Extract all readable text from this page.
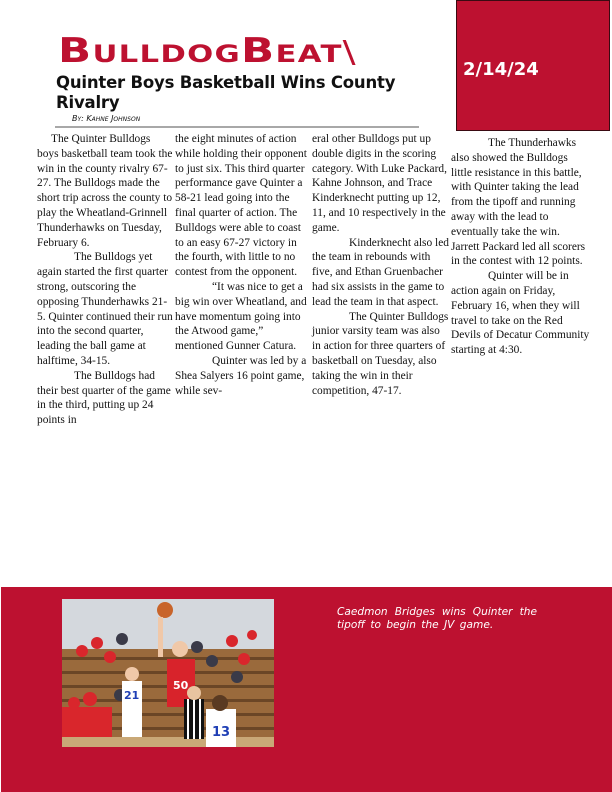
BulldogBeat\
Quinter Boys Basketball Wins County Rivalry
By: Kahne Johnson
2/14/24

The Quinter Bulldogs boys basketball team took the win in the county rivalry 67-27. The Bulldogs made the short trip across the county to play the Wheatland-Grinnell Thunderhawks on Tuesday, February 6.

The Bulldogs yet again started the first quarter strong, outscoring the opposing Thunderhawks 21-5. Quinter continued their run into the second quarter, leading the ball game at halftime, 34-15.

The Bulldogs had their best quarter of the game in the third, putting up 24 points in

the eight minutes of action while holding their opponent to just six. This third quarter performance gave Quinter a 58-21 lead going into the final quarter of action. The Bulldogs were able to coast to an easy 67-27 victory in the fourth, with little to no contest from the opponent.

“It was nice to get a big win over Wheatland, and have momentum going into the Atwood game,” mentioned Gunner Catura.

Quinter was led by a Shea Salyers 16 point game, while sev-

eral other Bulldogs put up double digits in the scoring category. With Luke Packard, Kahne Johnson, and Trace Kinderknecht putting up 12, 11, and 10 respectively in the game.

Kinderknecht also led the team in rebounds with five, and Ethan Gruenbacher had six assists in the game to lead the team in that aspect.

The Quinter Bulldogs junior varsity team was also in action for three quarters of basketball on Tuesday, also taking the win in their competition, 47-17.

The Thunderhawks also showed the Bulldogs little resistance in this battle, with Quinter taking the lead from the tipoff and running away with the lead to eventually take the win. Jarrett Packard led all scorers in the contest with 12 points.

Quinter will be in action again on Friday, February 16, when they will travel to take on the Red Devils of Decatur Community starting at 4:30.

50
21
13
Caedmon Bridges wins Quinter the tipoff to begin the JV game.
